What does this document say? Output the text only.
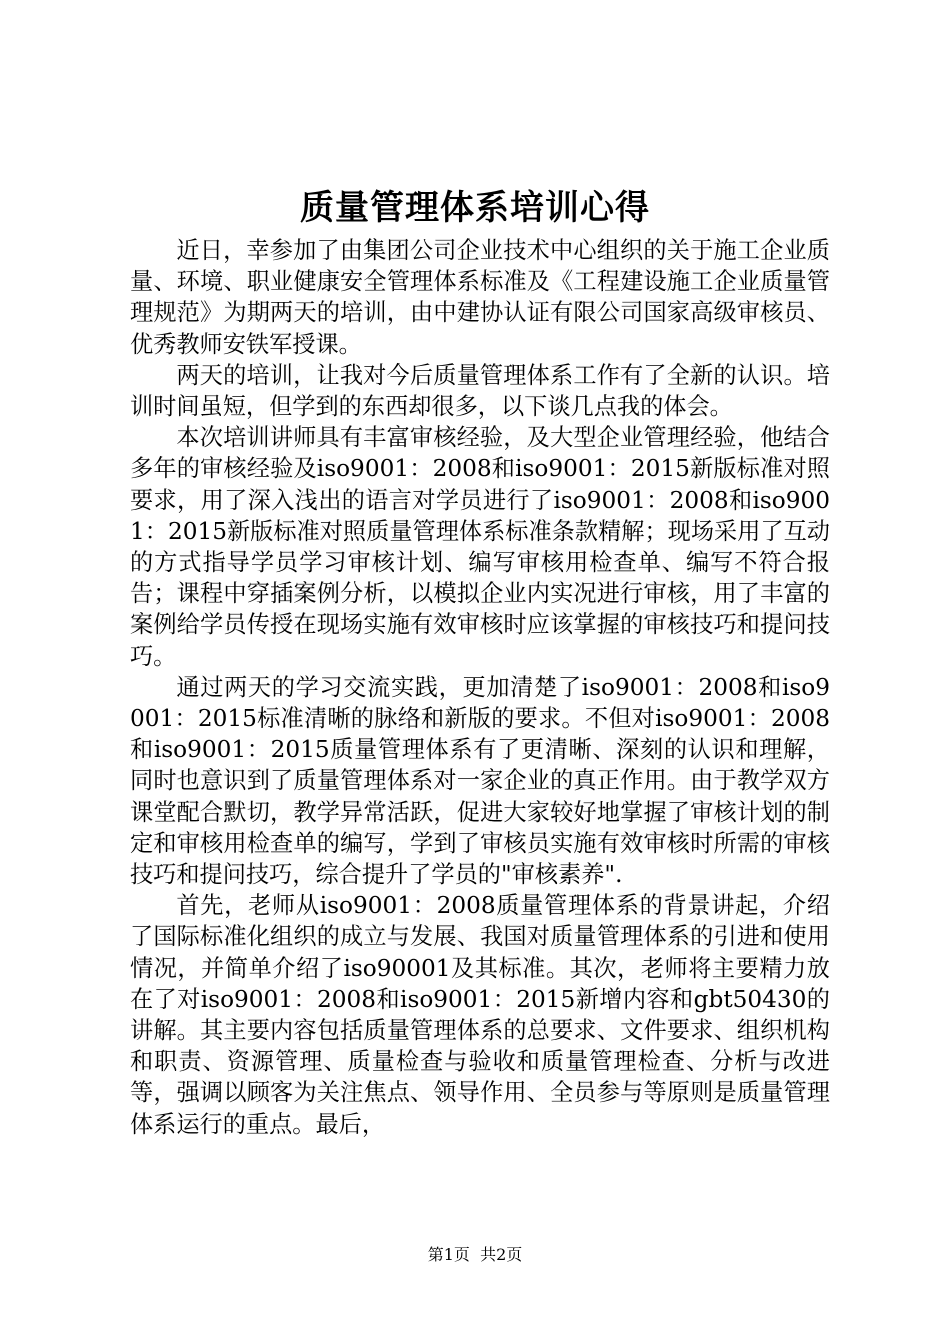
质量管理体系培训心得

近日，幸参加了由集团公司企业技术中心组织的关于施工企业质量、环境、职业健康安全管理体系标准及《工程建设施工企业质量管理规范》为期两天的培训，由中建协认证有限公司国家高级审核员、优秀教师安铁军授课。

两天的培训，让我对今后质量管理体系工作有了全新的认识。培训时间虽短，但学到的东西却很多，以下谈几点我的体会。

本次培训讲师具有丰富审核经验，及大型企业管理经验，他结合多年的审核经验及iso9001：2008和iso9001：2015新版标准对照要求，用了深入浅出的语言对学员进行了iso9001：2008和iso9001：2015新版标准对照质量管理体系标准条款精解；现场采用了互动的方式指导学员学习审核计划、编写审核用检查单、编写不符合报告；课程中穿插案例分析，以模拟企业内实况进行审核，用了丰富的案例给学员传授在现场实施有效审核时应该掌握的审核技巧和提问技巧。

通过两天的学习交流实践，更加清楚了iso9001：2008和iso9001：2015标准清晰的脉络和新版的要求。不但对iso9001：2008和iso9001：2015质量管理体系有了更清晰、深刻的认识和理解，同时也意识到了质量管理体系对一家企业的真正作用。由于教学双方课堂配合默切，教学异常活跃，促进大家较好地掌握了审核计划的制定和审核用检查单的编写，学到了审核员实施有效审核时所需的审核技巧和提问技巧，综合提升了学员的"审核素养".

首先，老师从iso9001：2008质量管理体系的背景讲起，介绍了国际标准化组织的成立与发展、我国对质量管理体系的引进和使用情况，并简单介绍了iso90001及其标准。其次，老师将主要精力放在了对iso9001：2008和iso9001：2015新增内容和gbt50430的讲解。其主要内容包括质量管理体系的总要求、文件要求、组织机构和职责、资源管理、质量检查与验收和质量管理检查、分析与改进等，强调以顾客为关注焦点、领导作用、全员参与等原则是质量管理体系运行的重点。最后，

第1页  共2页
